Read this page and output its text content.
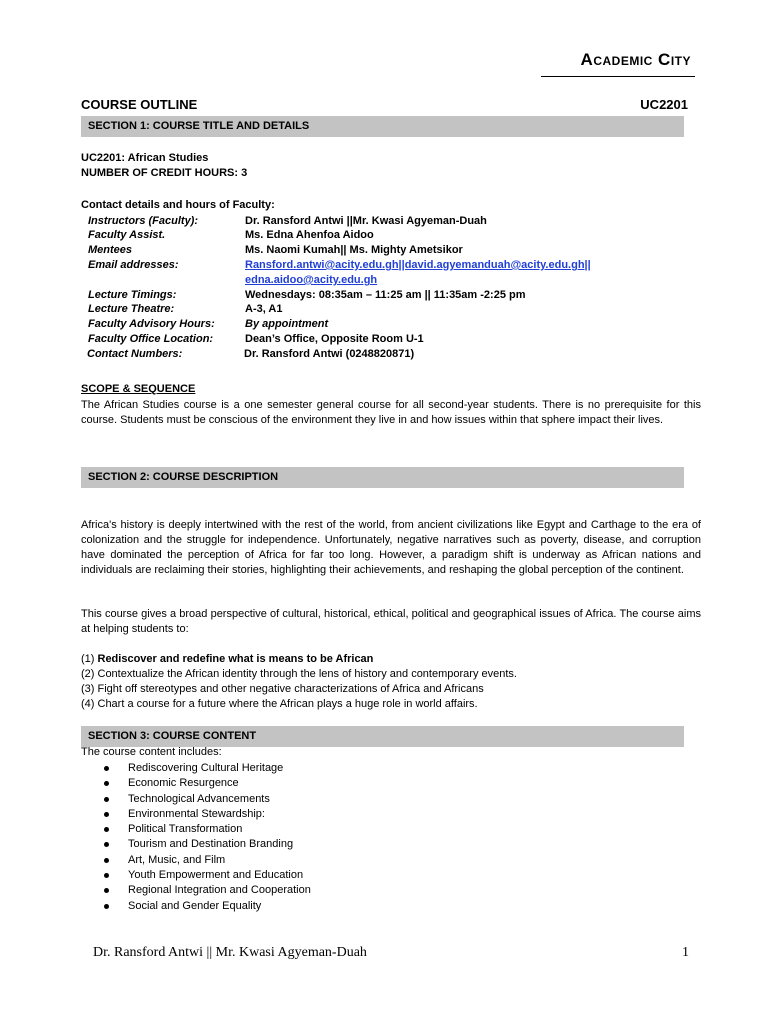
Academic City
COURSE OUTLINE	UC2201
SECTION 1: COURSE TITLE AND DETAILS
UC2201: African Studies
NUMBER OF CREDIT HOURS: 3
Contact details and hours of Faculty:
Instructors (Faculty):	Dr. Ransford Antwi ||Mr. Kwasi Agyeman-Duah
Faculty Assist.	Ms. Edna Ahenfoa Aidoo
Mentees	Ms. Naomi Kumah|| Ms. Mighty Ametsikor
Email addresses:	Ransford.antwi@acity.edu.gh||david.agyemanduah@acity.edu.gh||
edna.aidoo@acity.edu.gh
Lecture Timings:	Wednesdays: 08:35am – 11:25 am || 11:35am -2:25 pm
Lecture Theatre:	A-3, A1
Faculty Advisory Hours:	By appointment
Faculty Office Location:	Dean’s Office, Opposite Room U-1
Contact Numbers:	Dr. Ransford Antwi (0248820871)
SCOPE & SEQUENCE
The African Studies course is a one semester general course for all second-year students. There is no prerequisite for this course. Students must be conscious of the environment they live in and how issues within that sphere impact their lives.
SECTION 2: COURSE DESCRIPTION
Africa's history is deeply intertwined with the rest of the world, from ancient civilizations like Egypt and Carthage to the era of colonization and the struggle for independence. Unfortunately, negative narratives such as poverty, disease, and corruption have dominated the perception of Africa for far too long. However, a paradigm shift is underway as African nations and individuals are reclaiming their stories, highlighting their achievements, and reshaping the global perception of the continent.
This course gives a broad perspective of cultural, historical, ethical, political and geographical issues of Africa. The course aims at helping students to:
(1) Rediscover and redefine what is means to be African
(2) Contextualize the African identity through the lens of history and contemporary events.
(3) Fight off stereotypes and other negative characterizations of Africa and Africans
(4) Chart a course for a future where the African plays a huge role in world affairs.
SECTION 3: COURSE CONTENT
The course content includes:
Rediscovering Cultural Heritage
Economic Resurgence
Technological Advancements
Environmental Stewardship:
Political Transformation
Tourism and Destination Branding
Art, Music, and Film
Youth Empowerment and Education
Regional Integration and Cooperation
Social and Gender Equality
Dr. Ransford Antwi || Mr. Kwasi Agyeman-Duah	1
